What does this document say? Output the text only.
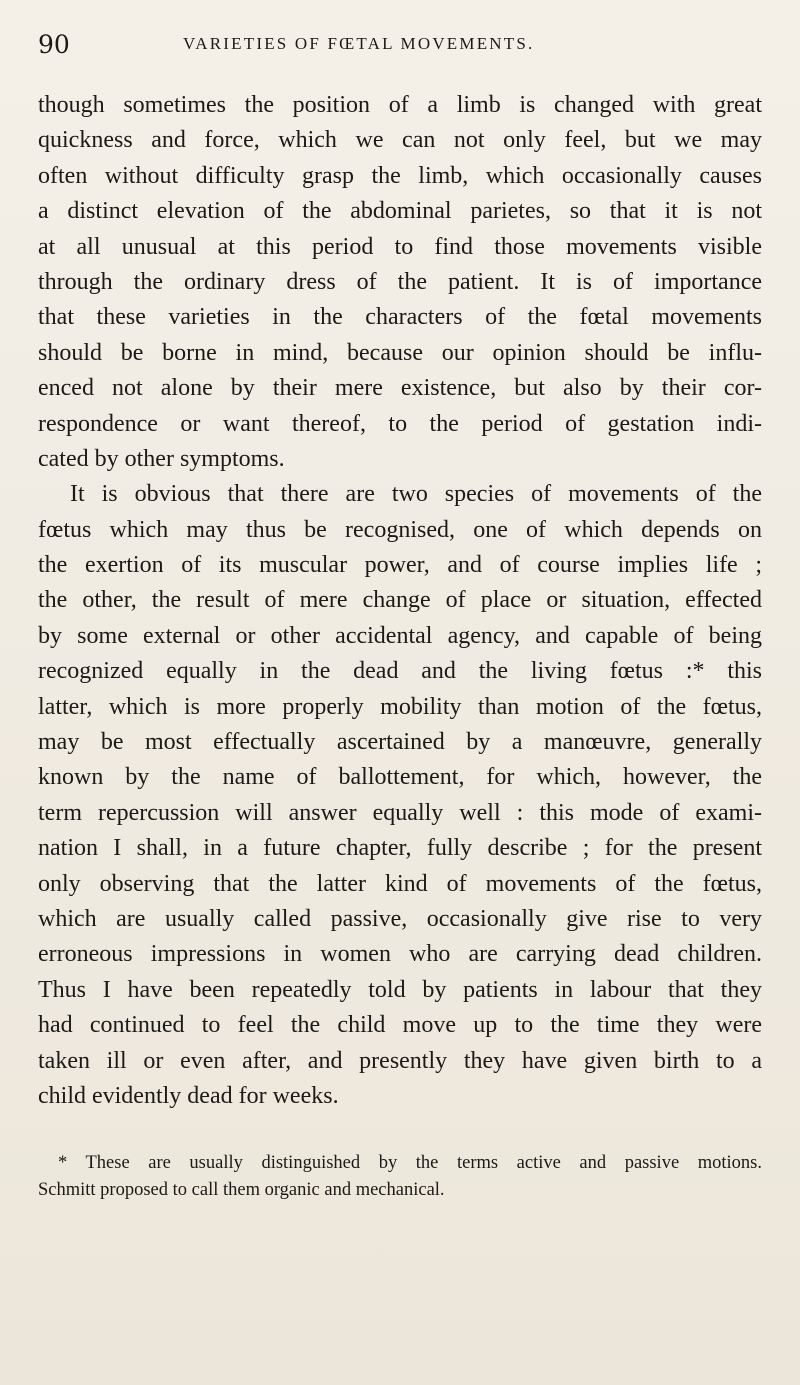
90	VARIETIES OF FŒTAL MOVEMENTS.
though sometimes the position of a limb is changed with great
quickness and force, which we can not only feel, but we may
often without difficulty grasp the limb, which occasionally causes
a distinct elevation of the abdominal parietes, so that it is not
at all unusual at this period to find those movements visible
through the ordinary dress of the patient. It is of importance
that these varieties in the characters of the fœtal movements
should be borne in mind, because our opinion should be influ-
enced not alone by their mere existence, but also by their cor-
respondence or want thereof, to the period of gestation indi-
cated by other symptoms.
It is obvious that there are two species of movements of the
fœtus which may thus be recognised, one of which depends on
the exertion of its muscular power, and of course implies life ;
the other, the result of mere change of place or situation, effected
by some external or other accidental agency, and capable of being
recognized equally in the dead and the living fœtus :* this
latter, which is more properly mobility than motion of the fœtus,
may be most effectually ascertained by a manœuvre, generally
known by the name of ballottement, for which, however, the
term repercussion will answer equally well : this mode of exami-
nation I shall, in a future chapter, fully describe ; for the present
only observing that the latter kind of movements of the fœtus,
which are usually called passive, occasionally give rise to very
erroneous impressions in women who are carrying dead children.
Thus I have been repeatedly told by patients in labour that they
had continued to feel the child move up to the time they were
taken ill or even after, and presently they have given birth to a
child evidently dead for weeks.
* These are usually distinguished by the terms active and passive motions.
Schmitt proposed to call them organic and mechanical.
